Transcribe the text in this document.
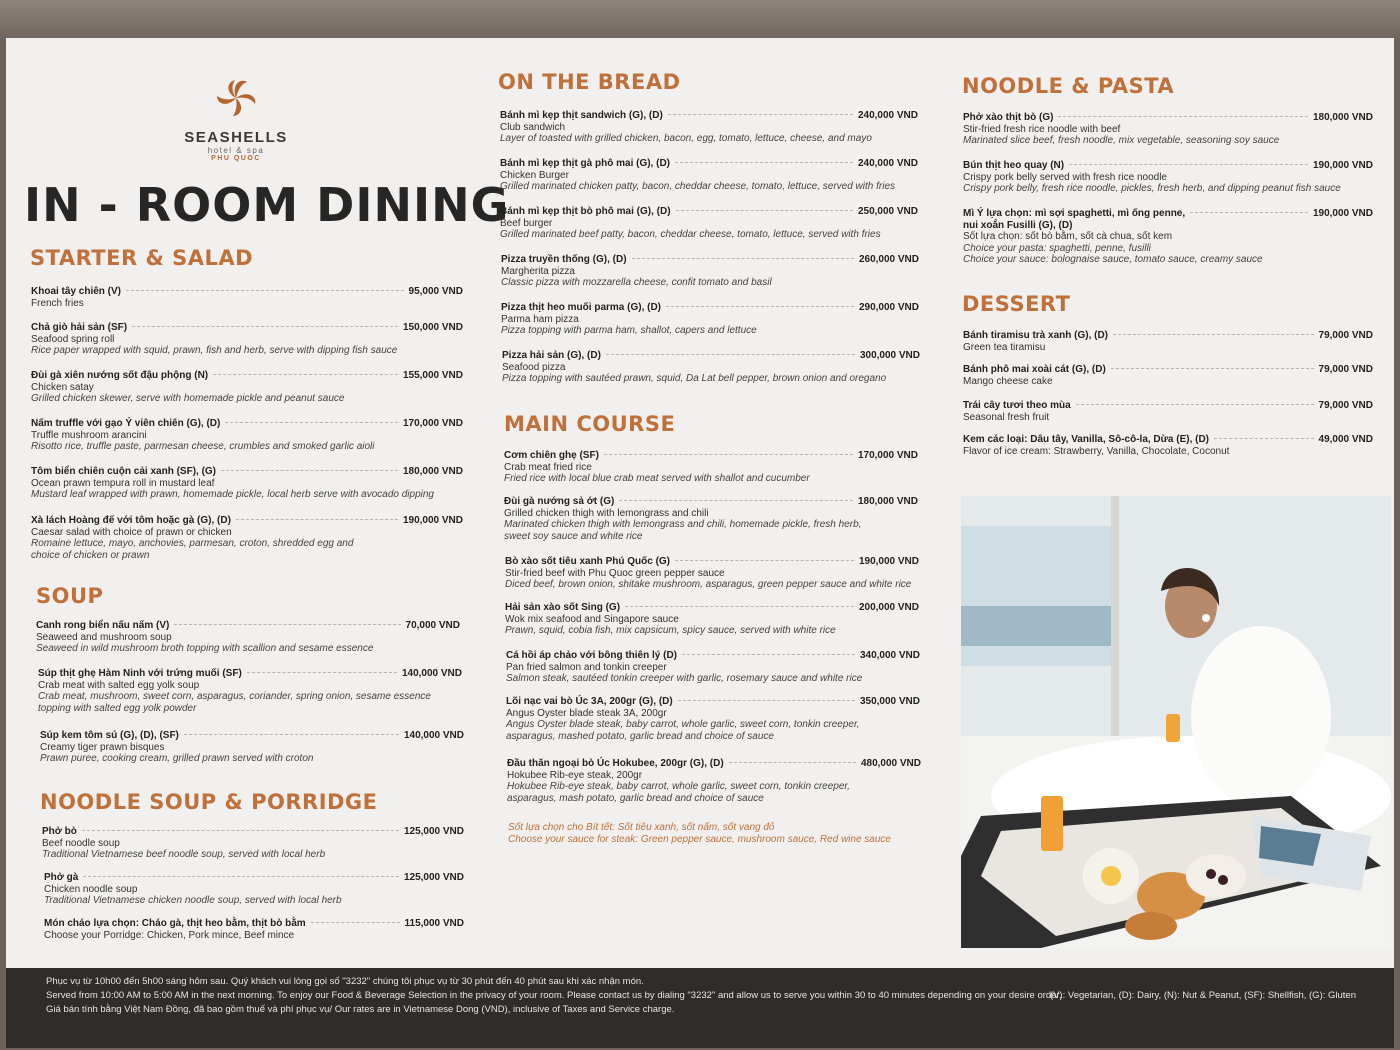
SEASHELLS
hotel & spa
PHU QUOC
IN - ROOM DINING
STARTER & SALAD
Khoai tây chiên (V)	95,000 VND
French fries
Chả giò hải sản (SF)	150,000 VND
Seafood spring roll
Rice paper wrapped with squid, prawn, fish and herb, serve with dipping fish sauce
Đùi gà xiên nướng sốt đậu phộng (N)	155,000 VND
Chicken satay
Grilled chicken skewer, serve with homemade pickle and peanut sauce
Nấm truffle với gạo Ý viên chiên (G), (D)	170,000 VND
Truffle mushroom arancini
Risotto rice, truffle paste, parmesan cheese, crumbles and smoked garlic aioli
Tôm biển chiên cuộn cải xanh (SF), (G)	180,000 VND
Ocean prawn tempura roll in mustard leaf
Mustard leaf wrapped with prawn, homemade pickle, local herb serve with avocado dipping
Xà lách Hoàng đế với tôm hoặc gà (G), (D)	190,000 VND
Caesar salad with choice of prawn or chicken
Romaine lettuce, mayo, anchovies, parmesan, croton, shredded egg and choice of chicken or prawn
SOUP
Canh rong biển nấu nấm (V)	70,000 VND
Seaweed and mushroom soup
Seaweed in wild mushroom broth topping with scallion and sesame essence
Súp thịt ghẹ Hàm Ninh với trứng muối (SF)	140,000 VND
Crab meat with salted egg yolk soup
Crab meat, mushroom, sweet corn, asparagus, coriander, spring onion, sesame essence topping with salted egg yolk powder
Súp kem tôm sú (G), (D), (SF)	140,000 VND
Creamy tiger prawn bisques
Prawn puree, cooking cream, grilled prawn served with croton
NOODLE SOUP & PORRIDGE
Phở bò	125,000 VND
Beef noodle soup
Traditional Vietnamese beef noodle soup, served with local herb
Phở gà	125,000 VND
Chicken noodle soup
Traditional Vietnamese chicken noodle soup, served with local herb
Món cháo lựa chọn: Cháo gà, thịt heo bằm, thịt bò bằm	115,000 VND
Choose your Porridge: Chicken, Pork mince, Beef mince
ON THE BREAD
Bánh mì kẹp thịt sandwich (G), (D)	240,000 VND
Club sandwich
Layer of toasted with grilled chicken, bacon, egg, tomato, lettuce, cheese, and mayo
Bánh mì kẹp thịt gà phô mai (G), (D)	240,000 VND
Chicken Burger
Grilled marinated chicken patty, bacon, cheddar cheese, tomato, lettuce, served with fries
Bánh mì kẹp thịt bò phô mai (G), (D)	250,000 VND
Beef burger
Grilled marinated beef patty, bacon, cheddar cheese, tomato, lettuce, served with fries
Pizza truyền thống (G), (D)	260,000 VND
Margherita pizza
Classic pizza with mozzarella cheese, confit tomato and basil
Pizza thịt heo muối parma (G), (D)	290,000 VND
Parma ham pizza
Pizza topping with parma ham, shallot, capers and lettuce
Pizza hải sản (G), (D)	300,000 VND
Seafood pizza
Pizza topping with sautéed prawn, squid, Da Lat bell pepper, brown onion and oregano
MAIN COURSE
Cơm chiên ghẹ (SF)	170,000 VND
Crab meat fried rice
Fried rice with local blue crab meat served with shallot and cucumber
Đùi gà nướng sả ớt (G)	180,000 VND
Grilled chicken thigh with lemongrass and chili
Marinated chicken thigh with lemongrass and chili, homemade pickle, fresh herb, sweet soy sauce and white rice
Bò xào sốt tiêu xanh Phú Quốc (G)	190,000 VND
Stir-fried beef with Phu Quoc green pepper sauce
Diced beef, brown onion, shitake mushroom, asparagus, green pepper sauce and white rice
Hải sản xào sốt Sing (G)	200,000 VND
Wok mix seafood and Singapore sauce
Prawn, squid, cobia fish, mix capsicum, spicy sauce, served with white rice
Cá hồi áp chảo với bông thiên lý (D)	340,000 VND
Pan fried salmon and tonkin creeper
Salmon steak, sautéed tonkin creeper with garlic, rosemary sauce and white rice
Lõi nạc vai bò Úc 3A, 200gr (G), (D)	350,000 VND
Angus Oyster blade steak 3A, 200gr
Angus Oyster blade steak, baby carrot, whole garlic, sweet corn, tonkin creeper, asparagus, mashed potato, garlic bread and choice of sauce
Đầu thăn ngoại bò Úc Hokubee, 200gr (G), (D)	480,000 VND
Hokubee Rib-eye steak, 200gr
Hokubee Rib-eye steak, baby carrot, whole garlic, sweet corn, tonkin creeper, asparagus, mash potato, garlic bread and choice of sauce
Sốt lựa chọn cho Bít tết: Sốt tiêu xanh, sốt nấm, sốt vang đỏ
Choose your sauce for steak: Green pepper sauce, mushroom sauce, Red wine sauce
NOODLE & PASTA
Phở xào thịt bò (G)	180,000 VND
Stir-fried fresh rice noodle with beef
Marinated slice beef, fresh noodle, mix vegetable, seasoning soy sauce
Bún thịt heo quay (N)	190,000 VND
Crispy pork belly served with fresh rice noodle
Crispy pork belly, fresh rice noodle, pickles, fresh herb, and dipping peanut fish sauce
Mì Ý lựa chọn: mì sợi spaghetti, mì ống penne,	190,000 VND
nui xoắn Fusilli (G), (D)
Sốt lựa chọn: sốt bò bằm, sốt cà chua, sốt kem
Choice your pasta: spaghetti, penne, fusilli
Choice your sauce: bolognaise sauce, tomato sauce, creamy sauce
DESSERT
Bánh tiramisu trà xanh (G), (D)	79,000 VND
Green tea tiramisu
Bánh phô mai xoài cát (G), (D)	79,000 VND
Mango cheese cake
Trái cây tươi theo mùa	79,000 VND
Seasonal fresh fruit
Kem các loại: Dâu tây, Vanilla, Sô-cô-la, Dừa (E), (D)	49,000 VND
Flavor of ice cream: Strawberry, Vanilla, Chocolate, Coconut
Phục vụ từ 10h00 đến 5h00 sáng hôm sau. Quý khách vui lòng gọi số "3232" chúng tôi phục vụ từ 30 phút đến 40 phút sau khi xác nhận món.
Served from 10:00 AM to 5:00 AM in the next morning. To enjoy our Food & Beverage Selection in the privacy of your room. Please contact us by dialing "3232" and allow us to serve you within 30 to 40 minutes depending on your desire order.
Giá bán tính bằng Việt Nam Đồng, đã bao gồm thuế và phí phục vụ/ Our rates are in Vietnamese Dong (VND), inclusive of Taxes and Service charge.
(V): Vegetarian, (D): Dairy, (N): Nut & Peanut, (SF): Shellfish, (G): Gluten
